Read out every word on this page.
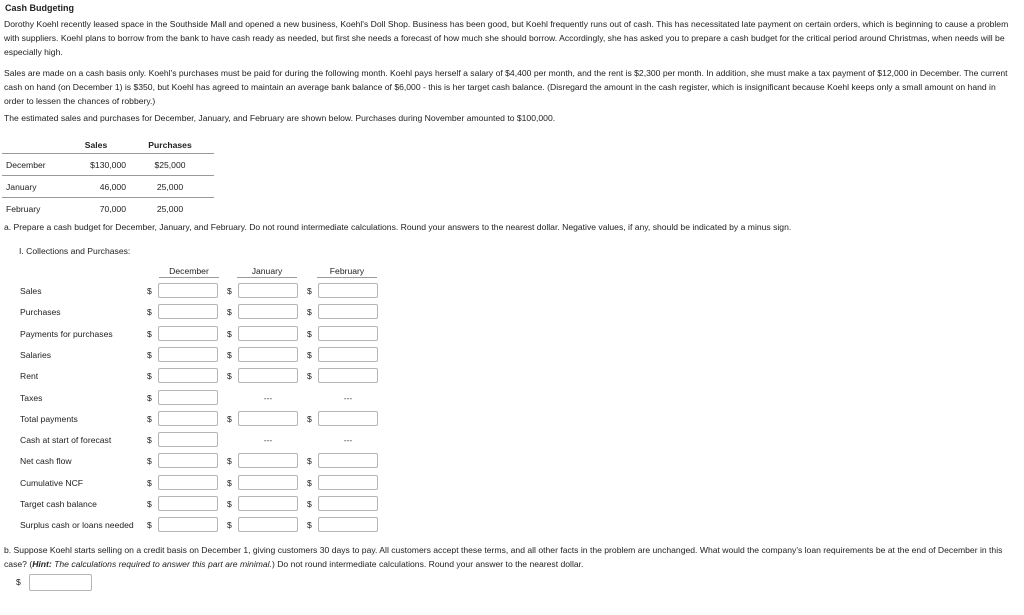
Cash Budgeting
Dorothy Koehl recently leased space in the Southside Mall and opened a new business, Koehl's Doll Shop. Business has been good, but Koehl frequently runs out of cash. This has necessitated late payment on certain orders, which is beginning to cause a problem with suppliers. Koehl plans to borrow from the bank to have cash ready as needed, but first she needs a forecast of how much she should borrow. Accordingly, she has asked you to prepare a cash budget for the critical period around Christmas, when needs will be especially high.
Sales are made on a cash basis only. Koehl's purchases must be paid for during the following month. Koehl pays herself a salary of $4,400 per month, and the rent is $2,300 per month. In addition, she must make a tax payment of $12,000 in December. The current cash on hand (on December 1) is $350, but Koehl has agreed to maintain an average bank balance of $6,000 - this is her target cash balance. (Disregard the amount in the cash register, which is insignificant because Koehl keeps only a small amount on hand in order to lessen the chances of robbery.)
The estimated sales and purchases for December, January, and February are shown below. Purchases during November amounted to $100,000.
	Sales	Purchases
December	$130,000	$25,000
January	46,000	25,000
February	70,000	25,000
a. Prepare a cash budget for December, January, and February. Do not round intermediate calculations. Round your answers to the nearest dollar. Negative values, if any, should be indicated by a minus sign.
I. Collections and Purchases:
December	January	February
Sales	$	$	$
Purchases	$	$	$
Payments for purchases	$	$	$
Salaries	$	$	$
Rent	$	$	$
Taxes	$	---	---
Total payments	$	$	$
Cash at start of forecast	$	---	---
Net cash flow	$	$	$
Cumulative NCF	$	$	$
Target cash balance	$	$	$
Surplus cash or loans needed	$	$	$
b. Suppose Koehl starts selling on a credit basis on December 1, giving customers 30 days to pay. All customers accept these terms, and all other facts in the problem are unchanged. What would the company's loan requirements be at the end of December in this case? (Hint: The calculations required to answer this part are minimal.) Do not round intermediate calculations. Round your answer to the nearest dollar.
$
